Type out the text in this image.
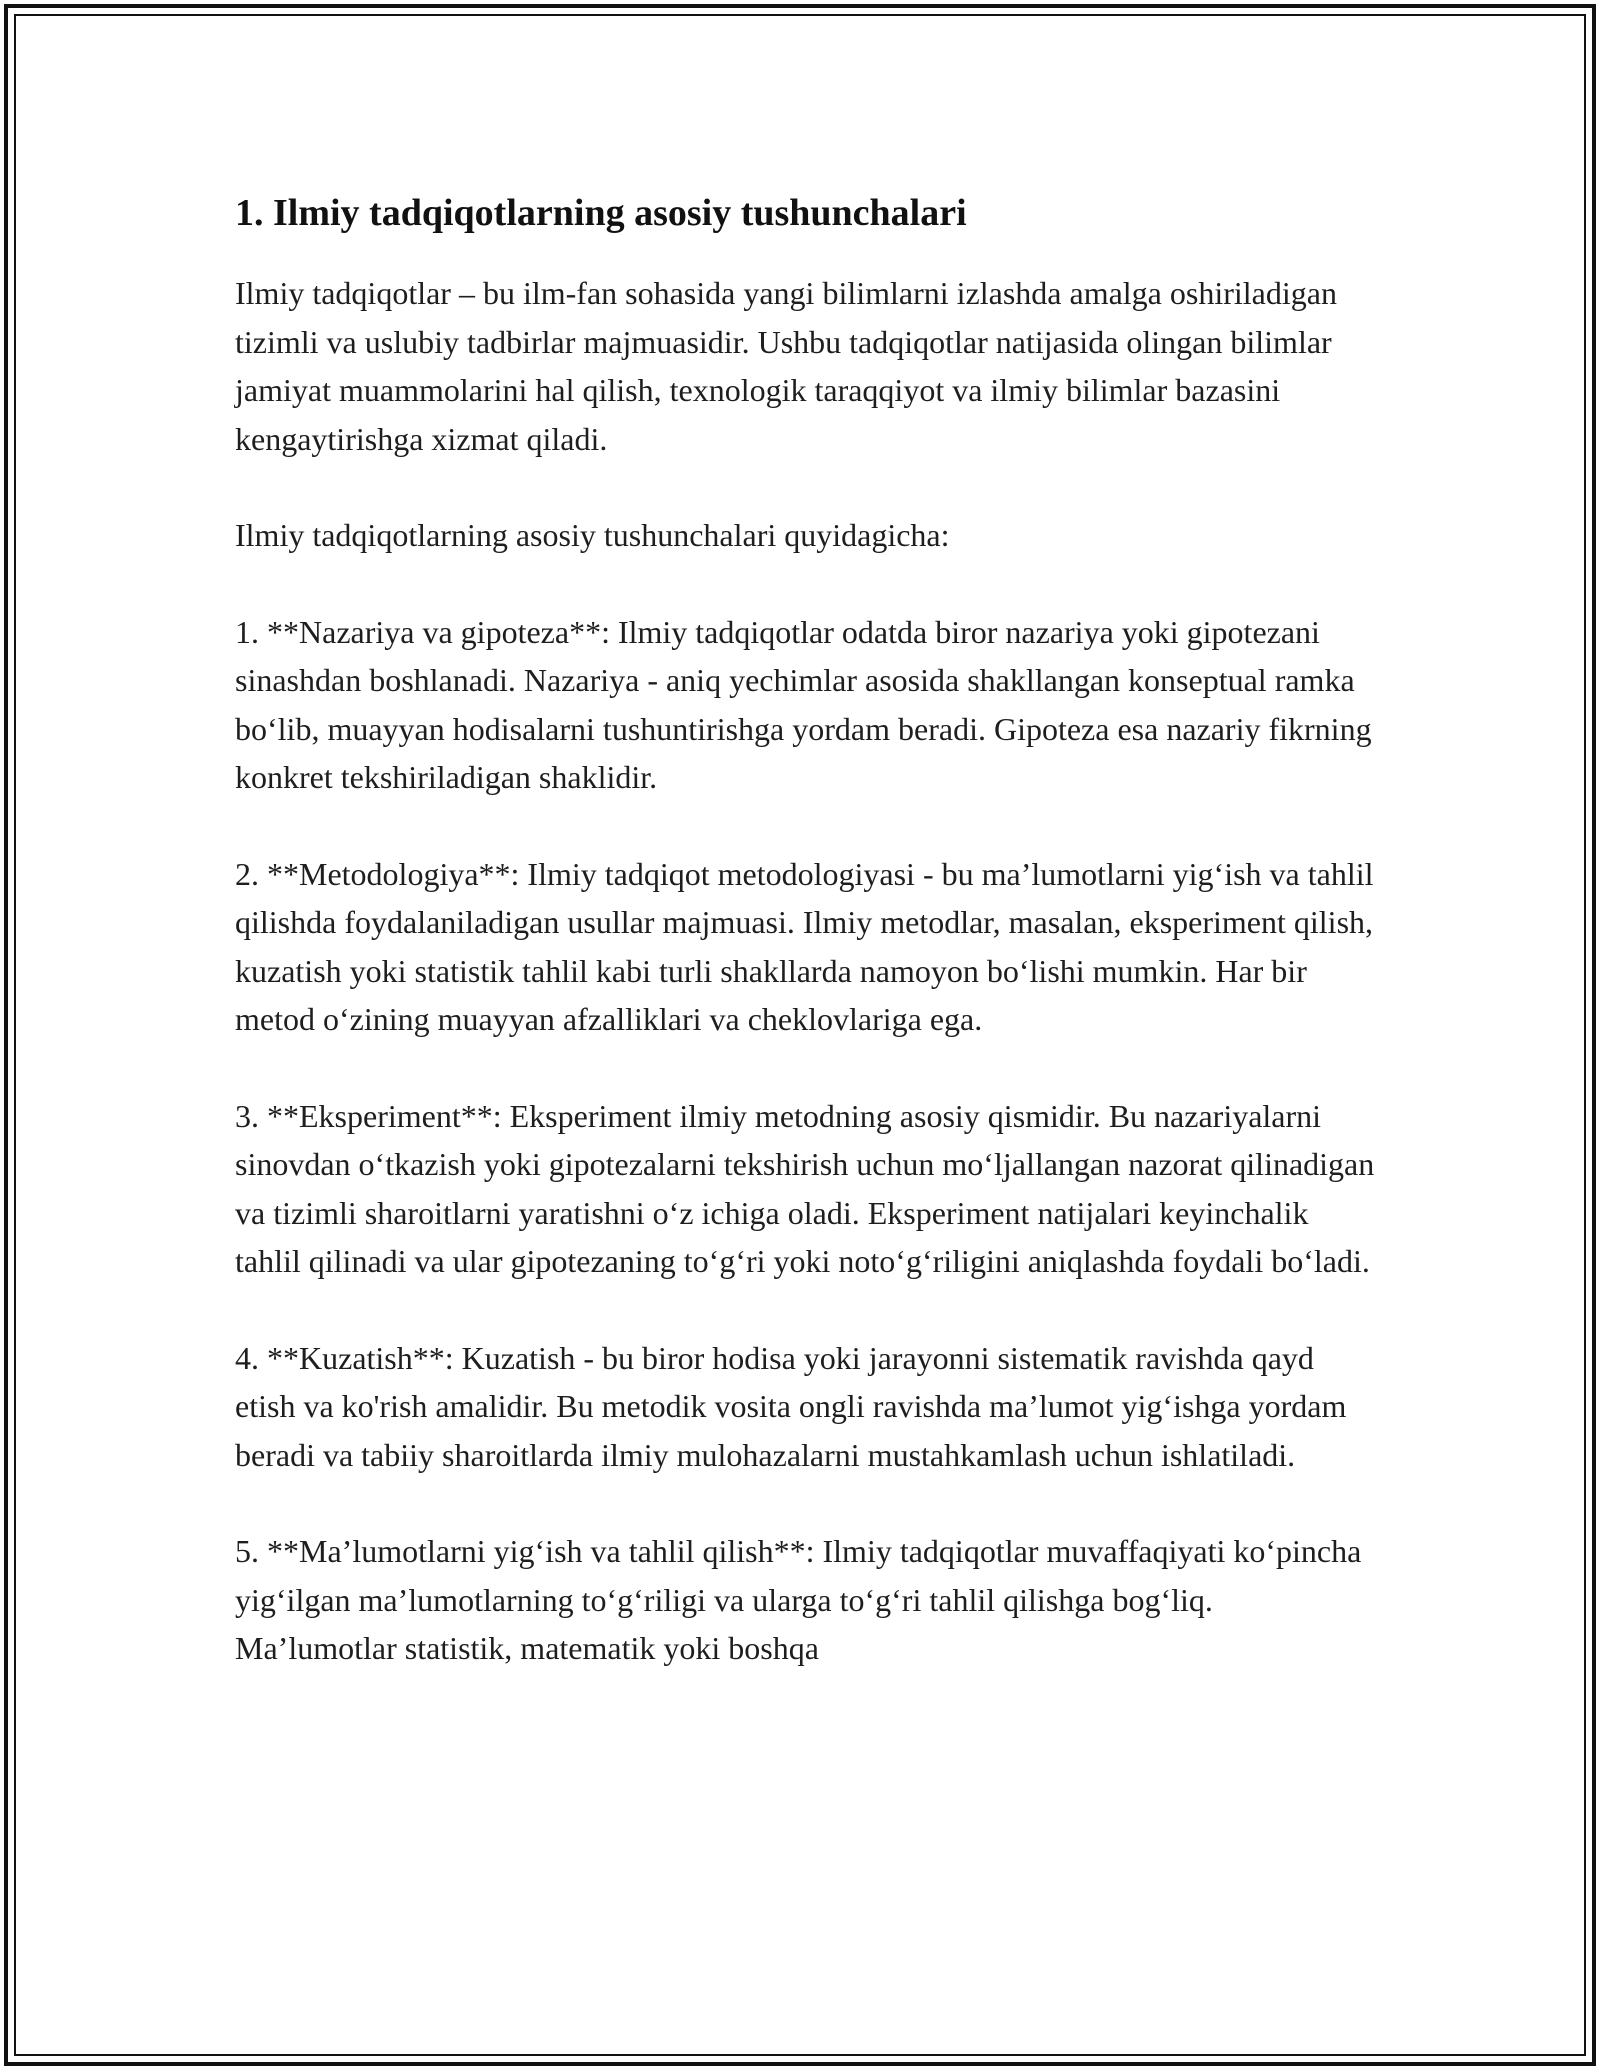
1. Ilmiy tadqiqotlarning asosiy tushunchalari

Ilmiy tadqiqotlar – bu ilm-fan sohasida yangi bilimlarni izlashda amalga oshiriladigan tizimli va uslubiy tadbirlar majmuasidir. Ushbu tadqiqotlar natijasida olingan bilimlar jamiyat muammolarini hal qilish, texnologik taraqqiyot va ilmiy bilimlar bazasini kengaytirishga xizmat qiladi.

Ilmiy tadqiqotlarning asosiy tushunchalari quyidagicha:

1. **Nazariya va gipoteza**: Ilmiy tadqiqotlar odatda biror nazariya yoki gipotezani sinashdan boshlanadi. Nazariya - aniq yechimlar asosida shakllangan konseptual ramka bo‘lib, muayyan hodisalarni tushuntirishga yordam beradi. Gipoteza esa nazariy fikrning konkret tekshiriladigan shaklidir.

2. **Metodologiya**: Ilmiy tadqiqot metodologiyasi - bu ma’lumotlarni yig‘ish va tahlil qilishda foydalaniladigan usullar majmuasi. Ilmiy metodlar, masalan, eksperiment qilish, kuzatish yoki statistik tahlil kabi turli shakllarda namoyon bo‘lishi mumkin. Har bir metod o‘zining muayyan afzalliklari va cheklovlariga ega.

3. **Eksperiment**: Eksperiment ilmiy metodning asosiy qismidir. Bu nazariyalarni sinovdan o‘tkazish yoki gipotezalarni tekshirish uchun mo‘ljallangan nazorat qilinadigan va tizimli sharoitlarni yaratishni o‘z ichiga oladi. Eksperiment natijalari keyinchalik tahlil qilinadi va ular gipotezaning to‘g‘ri yoki noto‘g‘riligini aniqlashda foydali bo‘ladi.

4. **Kuzatish**: Kuzatish - bu biror hodisa yoki jarayonni sistematik ravishda qayd etish va ko'rish amalidir. Bu metodik vosita ongli ravishda ma’lumot yig‘ishga yordam beradi va tabiiy sharoitlarda ilmiy mulohazalarni mustahkamlash uchun ishlatiladi.

5. **Ma’lumotlarni yig‘ish va tahlil qilish**: Ilmiy tadqiqotlar muvaffaqiyati ko‘pincha yig‘ilgan ma’lumotlarning to‘g‘riligi va ularga to‘g‘ri tahlil qilishga bog‘liq. Ma’lumotlar statistik, matematik yoki boshqa
